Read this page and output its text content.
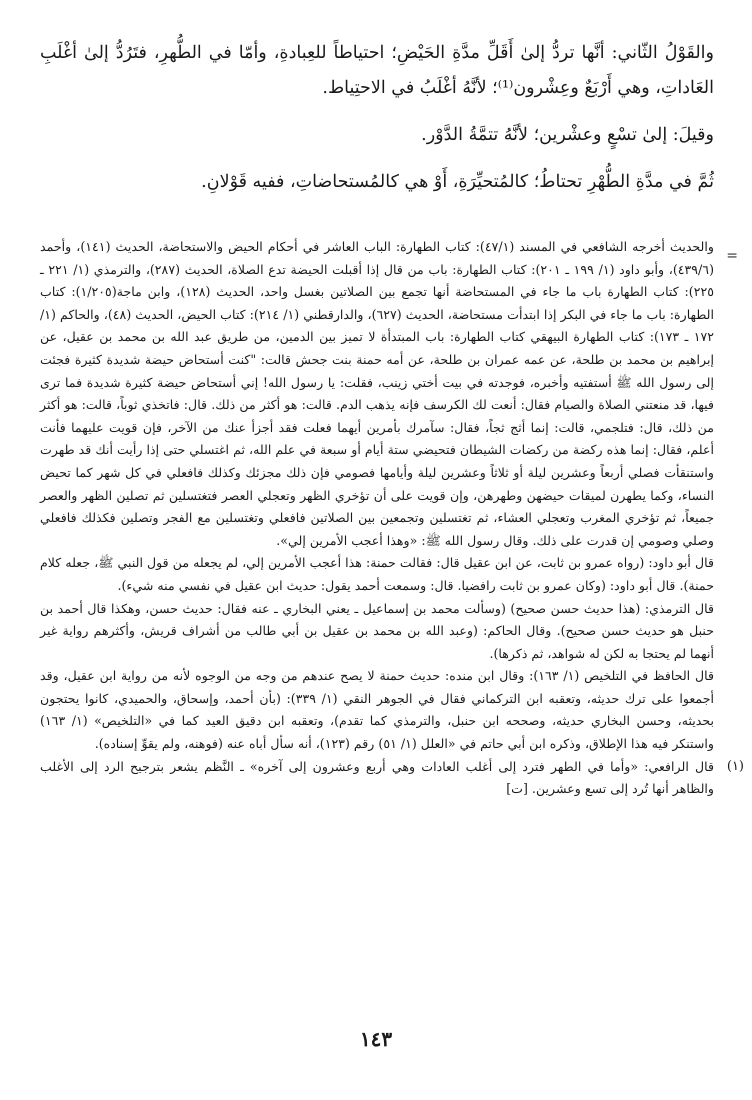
والقَوْلُ الثّاني: أنَّها تردُّ إلىٰ أَقَلِّ مدَّةِ الحَيْضِ؛ احتياطاً للعِبادةِ، وأمّا في الطُّهرِ، فتَرُدُّ إلىٰ أغْلَبِ العَاداتِ، وهي أَرْبَعٌ وعِشْرون⁽¹⁾؛ لأنَّهُ أغْلَبُ في الاحتِياط.

وقيلَ: إلىٰ تسْعٍ وعشْرين؛ لأنَّهُ تتمَّةُ الدَّوْر.

ثُمَّ في مدَّةِ الطُّهْرِ تحتاطُ؛ كالمُتحيِّرَةِ، أَوْ هي كالمُستحاضاتِ، ففيه قَوْلانِ.

=

والحديث أخرجه الشافعي في المسند (٤٧/١): كتاب الطهارة: الباب العاشر في أحكام الحيض والاستحاضة، الحديث (١٤١)، وأحمد (٤٣٩/٦)، وأبو داود (١/ ١٩٩ ـ ٢٠١): كتاب الطهارة: باب من قال إذا أقبلت الحيضة تدع الصلاة، الحديث (٢٨٧)، والترمذي (١/ ٢٢١ ـ ٢٢٥): كتاب الطهارة باب ما جاء في المستحاضة أنها تجمع بين الصلاتين بغسل واحد، الحديث (١٢٨)، وابن ماجة(١/٢٠٥): كتاب الطهارة: باب ما جاء في البكر إذا ابتدأت مستحاضة، الحديث (٦٢٧)، والدارقطني (١/ ٢١٤): كتاب الحيض، الحديث (٤٨)، والحاكم (١/ ١٧٢ ـ ١٧٣): كتاب الطهارة البيهقي كتاب الطهارة: باب المبتدأة لا تميز بين الدمين، من طريق عبد الله بن محمد بن عقيل، عن إبراهيم بن محمد بن طلحة، عن عمه عمران بن طلحة، عن أمه حمنة بنت جحش قالت: "كنت أستحاض حيضة شديدة كثيرة فجئت إلى رسول الله ﷺ أستفتيه وأخبره، فوجدته في بيت أختي زينب، فقلت: يا رسول الله! إني أستحاض حيضة كثيرة شديدة فما ترى فيها، قد منعتني الصلاة والصيام فقال: أنعت لك الكرسف فإنه يذهب الدم. قالت: هو أكثر من ذلك. قال: فاتخذي ثوباً، قالت: هو أكثر من ذلك، قال: فتلجمي، قالت: إنما أثج ثجاً، فقال: سآمرك بأمرين أيهما فعلت فقد أجزأ عنك من الآخر، فإن قويت عليهما فأنت أعلم، فقال: إنما هذه ركضة من ركضات الشيطان فتحيضي ستة أيام أو سبعة في علم الله، ثم اغتسلي حتى إذا رأيت أنك قد طهرت واستنقأت فصلي أربعاً وعشرين ليلة أو ثلاثاً وعشرين ليلة وأيامها فصومي فإن ذلك مجزئك وكذلك فافعلي في كل شهر كما تحيض النساء، وكما يطهرن لميقات حيضهن وطهرهن، وإن قويت على أن تؤخري الظهر وتعجلي العصر فتغتسلين ثم تصلين الظهر والعصر جميعاً، ثم تؤخري المغرب وتعجلي العشاء، ثم تغتسلين وتجمعين بين الصلاتين فافعلي وتغتسلين مع الفجر وتصلين فكذلك فافعلي وصلي وصومي إن قدرت على ذلك. وقال رسول الله ﷺ: «وهذا أعجب الأمرين إلي».

قال أبو داود: (رواه عمرو بن ثابت، عن ابن عقيل قال: فقالت حمنة: هذا أعجب الأمرين إلي، لم يجعله من قول النبي ﷺ، جعله كلام حمنة). قال أبو داود: (وكان عمرو بن ثابت رافضيا. قال: وسمعت أحمد يقول: حديث ابن عقيل في نفسي منه شيء).

قال الترمذي: (هذا حديث حسن صحيح) (وسألت محمد بن إسماعيل ـ يعني البخاري ـ عنه فقال: حديث حسن، وهكذا قال أحمد بن حنبل هو حديث حسن صحيح). وقال الحاكم: (وعبد الله بن محمد بن عقيل بن أبي طالب من أشراف قريش، وأكثرهم رواية غير أنهما لم يحتجا به لكن له شواهد، ثم ذكرها).

قال الحافظ في التلخيص (١/ ١٦٣): وقال ابن منده: حديث حمنة لا يصح عندهم من وجه من الوجوه لأنه من رواية ابن عقيل، وقد أجمعوا على ترك حديثه، وتعقبه ابن التركماني فقال في الجوهر النقي (١/ ٣٣٩): (بأن أحمد، وإسحاق، والحميدي، كانوا يحتجون بحديثه، وحسن البخاري حديثه، وصححه ابن حنبل، والترمذي كما تقدم)، وتعقبه ابن دقيق العيد كما في «التلخيص» (١/ ١٦٣) واستنكر فيه هذا الإطلاق، وذكره ابن أبي حاتم في «العلل (١/ ٥١) رقم (١٢٣)، أنه سأل أباه عنه (فوهنه، ولم يقوِّ إسناده).

(١)

قال الرافعي: «وأما في الطهر فترد إلى أغلب العادات وهي أربع وعشرون إلى آخره» ـ النَّظم يشعر بترجيح الرد إلى الأغلب والظاهر أنها تُرد إلى تسع وعشرين. [ت]

١٤٣
